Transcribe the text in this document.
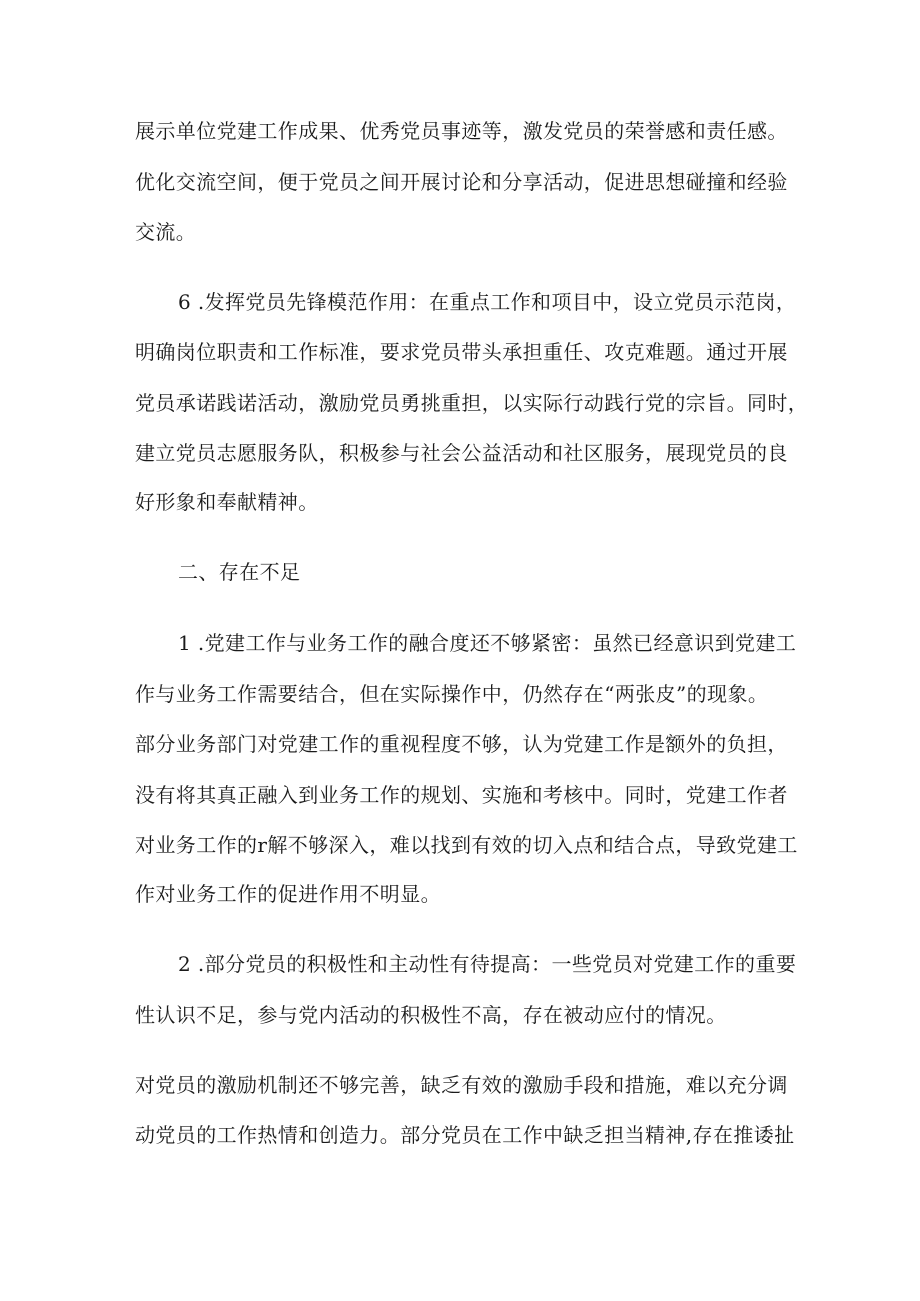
展示单位党建工作成果、优秀党员事迹等，激发党员的荣誉感和责任感。
优化交流空间，便于党员之间开展讨论和分享活动，促进思想碰撞和经验
交流。
6 .发挥党员先锋模范作用：在重点工作和项目中，设立党员示范岗，
明确岗位职责和工作标准，要求党员带头承担重任、攻克难题。通过开展
党员承诺践诺活动，激励党员勇挑重担，以实际行动践行党的宗旨。同时，
建立党员志愿服务队，积极参与社会公益活动和社区服务，展现党员的良
好形象和奉献精神。
二、存在不足
1 .党建工作与业务工作的融合度还不够紧密：虽然已经意识到党建工
作与业务工作需要结合，但在实际操作中，仍然存在“两张皮”的现象。
部分业务部门对党建工作的重视程度不够，认为党建工作是额外的负担，
没有将其真正融入到业务工作的规划、实施和考核中。同时，党建工作者
对业务工作的r解不够深入，难以找到有效的切入点和结合点，导致党建工
作对业务工作的促进作用不明显。
2 .部分党员的积极性和主动性有待提高：一些党员对党建工作的重要
性认识不足，参与党内活动的积极性不高，存在被动应付的情况。
对党员的激励机制还不够完善，缺乏有效的激励手段和措施，难以充分调
动党员的工作热情和创造力。部分党员在工作中缺乏担当精神,存在推诿扯
